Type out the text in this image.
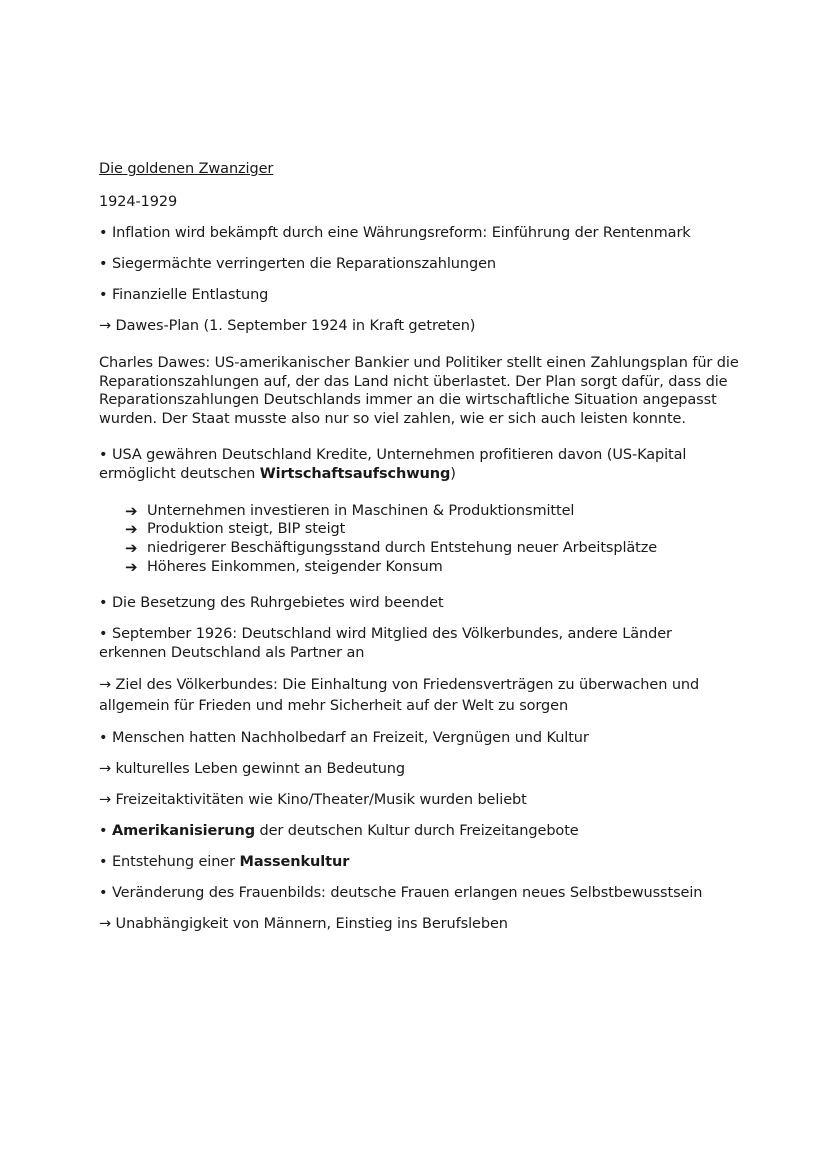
Die goldenen Zwanziger
1924-1929
• Inflation wird bekämpft durch eine Währungsreform: Einführung der Rentenmark
• Siegermächte verringerten die Reparationszahlungen
• Finanzielle Entlastung
→ Dawes-Plan (1. September 1924 in Kraft getreten)
Charles Dawes: US-amerikanischer Bankier und Politiker stellt einen Zahlungsplan für die Reparationszahlungen auf, der das Land nicht überlastet. Der Plan sorgt dafür, dass die Reparationszahlungen Deutschlands immer an die wirtschaftliche Situation angepasst wurden. Der Staat musste also nur so viel zahlen, wie er sich auch leisten konnte.
• USA gewähren Deutschland Kredite, Unternehmen profitieren davon (US-Kapital ermöglicht deutschen Wirtschaftsaufschwung)
➔ Unternehmen investieren in Maschinen & Produktionsmittel
➔ Produktion steigt, BIP steigt
➔ niedrigerer Beschäftigungsstand durch Entstehung neuer Arbeitsplätze
➔ Höheres Einkommen, steigender Konsum
• Die Besetzung des Ruhrgebietes wird beendet
• September 1926: Deutschland wird Mitglied des Völkerbundes, andere Länder erkennen Deutschland als Partner an
→ Ziel des Völkerbundes: Die Einhaltung von Friedensverträgen zu überwachen und allgemein für Frieden und mehr Sicherheit auf der Welt zu sorgen
• Menschen hatten Nachholbedarf an Freizeit, Vergnügen und Kultur
→ kulturelles Leben gewinnt an Bedeutung
→ Freizeitaktivitäten wie Kino/Theater/Musik wurden beliebt
• Amerikanisierung der deutschen Kultur durch Freizeitangebote
• Entstehung einer Massenkultur
• Veränderung des Frauenbilds: deutsche Frauen erlangen neues Selbstbewusstsein
→ Unabhängigkeit von Männern, Einstieg ins Berufsleben
